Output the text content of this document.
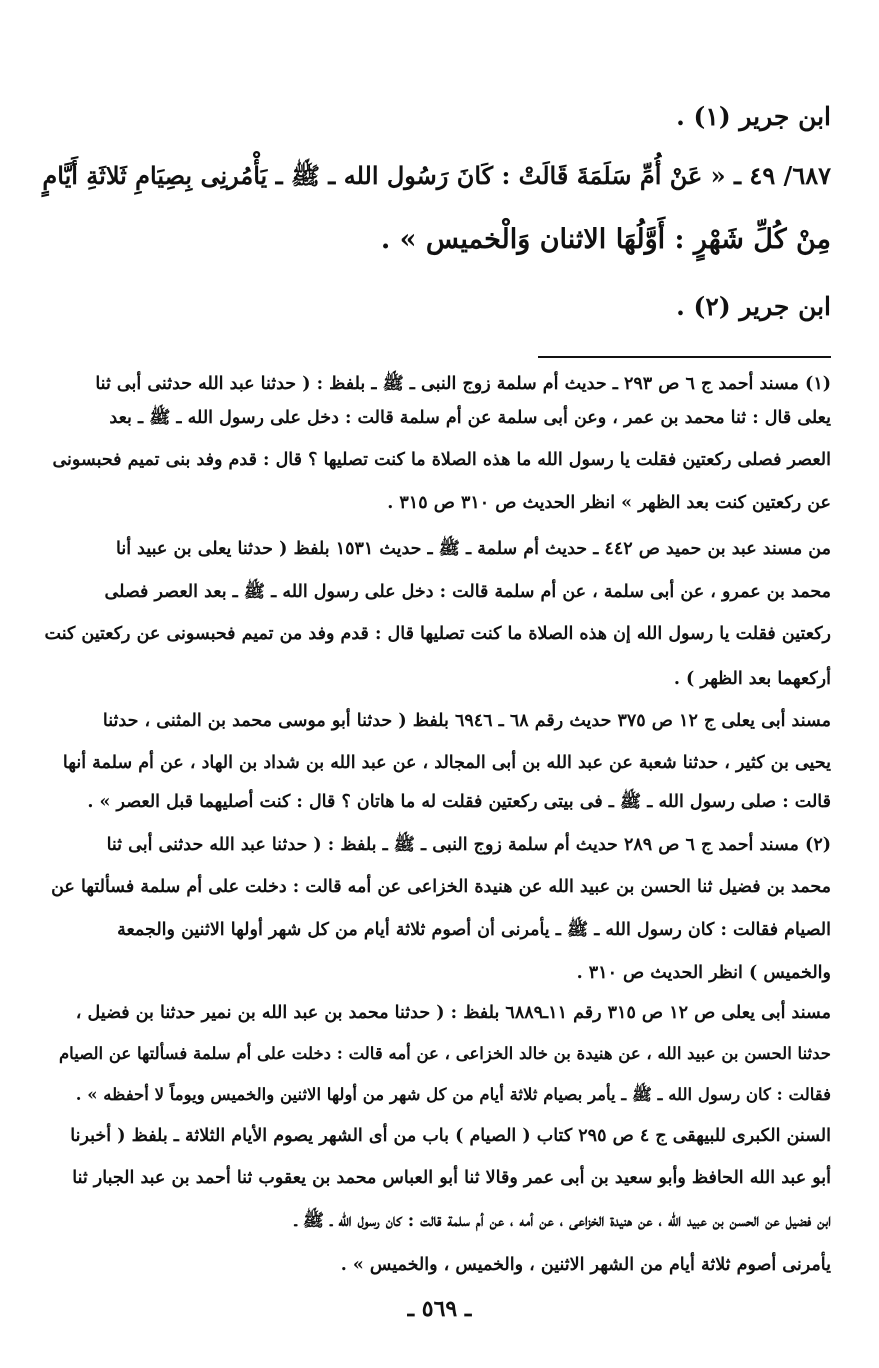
ابن جرير (١) .
٦٨٧/ ٤٩ ـ « عَنْ أُمِّ سَلَمَةَ قَالَتْ : كَانَ رَسُول الله ـ ﷺ ـ يَأْمُرنِى بِصِيَامِ ثَلاثَةِ أَيَّامٍ
مِنْ كُلِّ شَهْرٍ : أَوَّلُهَا الاثنان وَالْخميس » .
ابن جرير (٢) .
(١) مسند أحمد ج ٦ ص ٢٩٣ ـ حديث أم سلمة زوج النبى ـ ﷺ ـ بلفظ : ( حدثنا عبد الله حدثنى أبى ثنا
يعلى قال : ثنا محمد بن عمر ، وعن أبى سلمة عن أم سلمة قالت : دخل على رسول الله ـ ﷺ ـ بعد
العصر فصلى ركعتين فقلت يا رسول الله ما هذه الصلاة ما كنت تصليها ؟ قال : قدم وفد بنى تميم فحبسونى
عن ركعتين كنت بعد الظهر » انظر الحديث ص ٣١٠ ص ٣١٥ .
من مسند عبد بن حميد ص ٤٤٢ ـ حديث أم سلمة ـ ﷺ ـ حديث ١٥٣١ بلفظ ( حدثنا يعلى بن عبيد أنا
محمد بن عمرو ، عن أبى سلمة ، عن أم سلمة قالت : دخل على رسول الله ـ ﷺ ـ بعد العصر فصلى
ركعتين فقلت يا رسول الله إن هذه الصلاة ما كنت تصليها قال : قدم وفد من تميم فحبسونى عن ركعتين كنت
أركعهما بعد الظهر ) .
مسند أبى يعلى ج ١٢ ص ٣٧٥ حديث رقم ٦٨ ـ ٦٩٤٦ بلفظ ( حدثنا أبو موسى محمد بن المثنى ، حدثنا
يحيى بن كثير ، حدثنا شعبة عن عبد الله بن أبى المجالد ، عن عبد الله بن شداد بن الهاد ، عن أم سلمة أنها
قالت : صلى رسول الله ـ ﷺ ـ فى بيتى ركعتين فقلت له ما هاتان ؟ قال : كنت أصليهما قبل العصر » .
(٢) مسند أحمد ج ٦ ص ٢٨٩ حديث أم سلمة زوج النبى ـ ﷺ ـ بلفظ : ( حدثنا عبد الله حدثنى أبى ثنا
محمد بن فضيل ثنا الحسن بن عبيد الله عن هنيدة الخزاعى عن أمه قالت : دخلت على أم سلمة فسألتها عن
الصيام فقالت : كان رسول الله ـ ﷺ ـ يأمرنى أن أصوم ثلاثة أيام من كل شهر أولها الاثنين والجمعة
والخميس ) انظر الحديث ص ٣١٠ .
مسند أبى يعلى ص ١٢ ص ٣١٥ رقم ١١ـ٦٨٨٩ بلفظ : ( حدثنا محمد بن عبد الله بن نمير حدثنا بن فضيل ،
حدثنا الحسن بن عبيد الله ، عن هنيدة بن خالد الخزاعى ، عن أمه قالت : دخلت على أم سلمة فسألتها عن الصيام
فقالت : كان رسول الله ـ ﷺ ـ يأمر بصيام ثلاثة أيام من كل شهر من أولها الاثنين والخميس ويوماً لا أحفظه » .
السنن الكبرى للبيهقى ج ٤ ص ٢٩٥ كتاب ( الصيام ) باب من أى الشهر يصوم الأيام الثلاثة ـ بلفظ ( أخبرنا
أبو عبد الله الحافظ وأبو سعيد بن أبى عمر وقالا ثنا أبو العباس محمد بن يعقوب ثنا أحمد بن عبد الجبار ثنا
ابن فضيل عن الحسن بن عبيد الله ، عن هنيدة الخزاعى ، عن أمه ، عن أم سلمة قالت : كان رسول الله ـ ﷺ ـ
يأمرنى أصوم ثلاثة أيام من الشهر الاثنين ، والخميس ، والخميس » .
ـ ٥٦٩ ـ
